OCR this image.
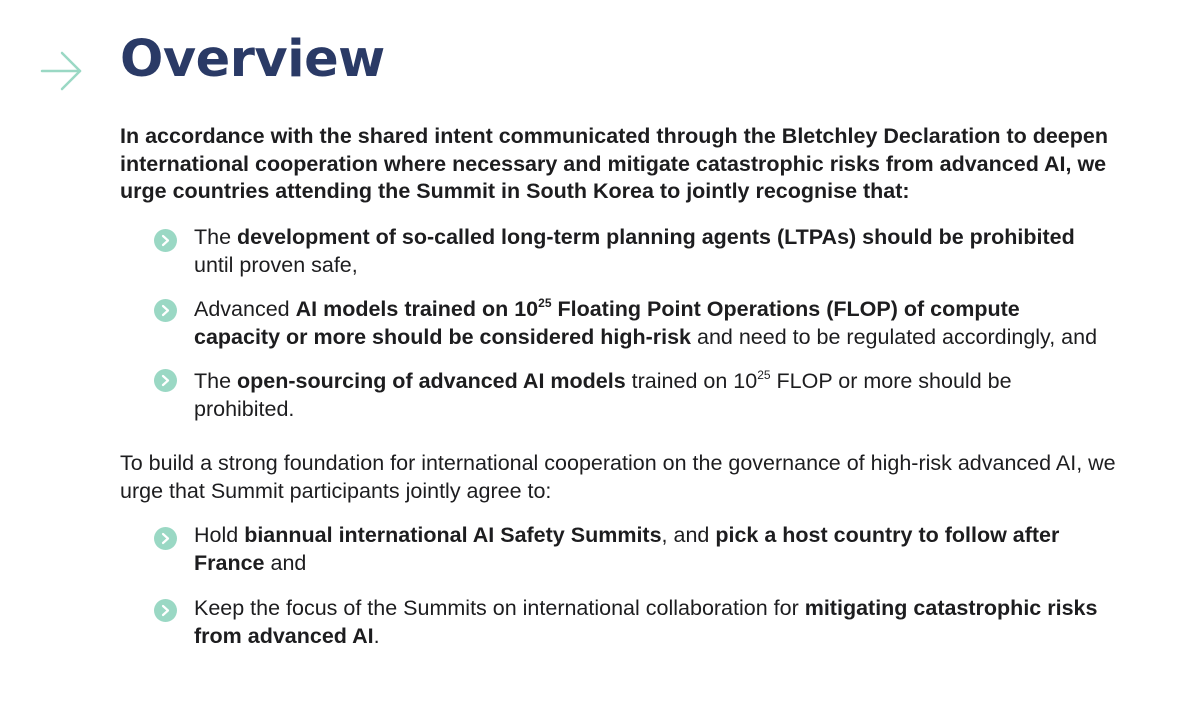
Overview

In accordance with the shared intent communicated through the Bletchley Declaration to deepen international cooperation where necessary and mitigate catastrophic risks from advanced AI, we urge countries attending the Summit in South Korea to jointly recognise that:

The development of so-called long-term planning agents (LTPAs) should be prohibited until proven safe,

Advanced AI models trained on $10^{25}$ Floating Point Operations (FLOP) of compute capacity or more should be considered high-risk and need to be regulated accordingly, and

The open-sourcing of advanced AI models trained on $10^{25}$ FLOP or more should be prohibited.

To build a strong foundation for international cooperation on the governance of high-risk advanced AI, we urge that Summit participants jointly agree to:

Hold biannual international AI Safety Summits, and pick a host country to follow after France and

Keep the focus of the Summits on international collaboration for mitigating catastrophic risks from advanced AI.
